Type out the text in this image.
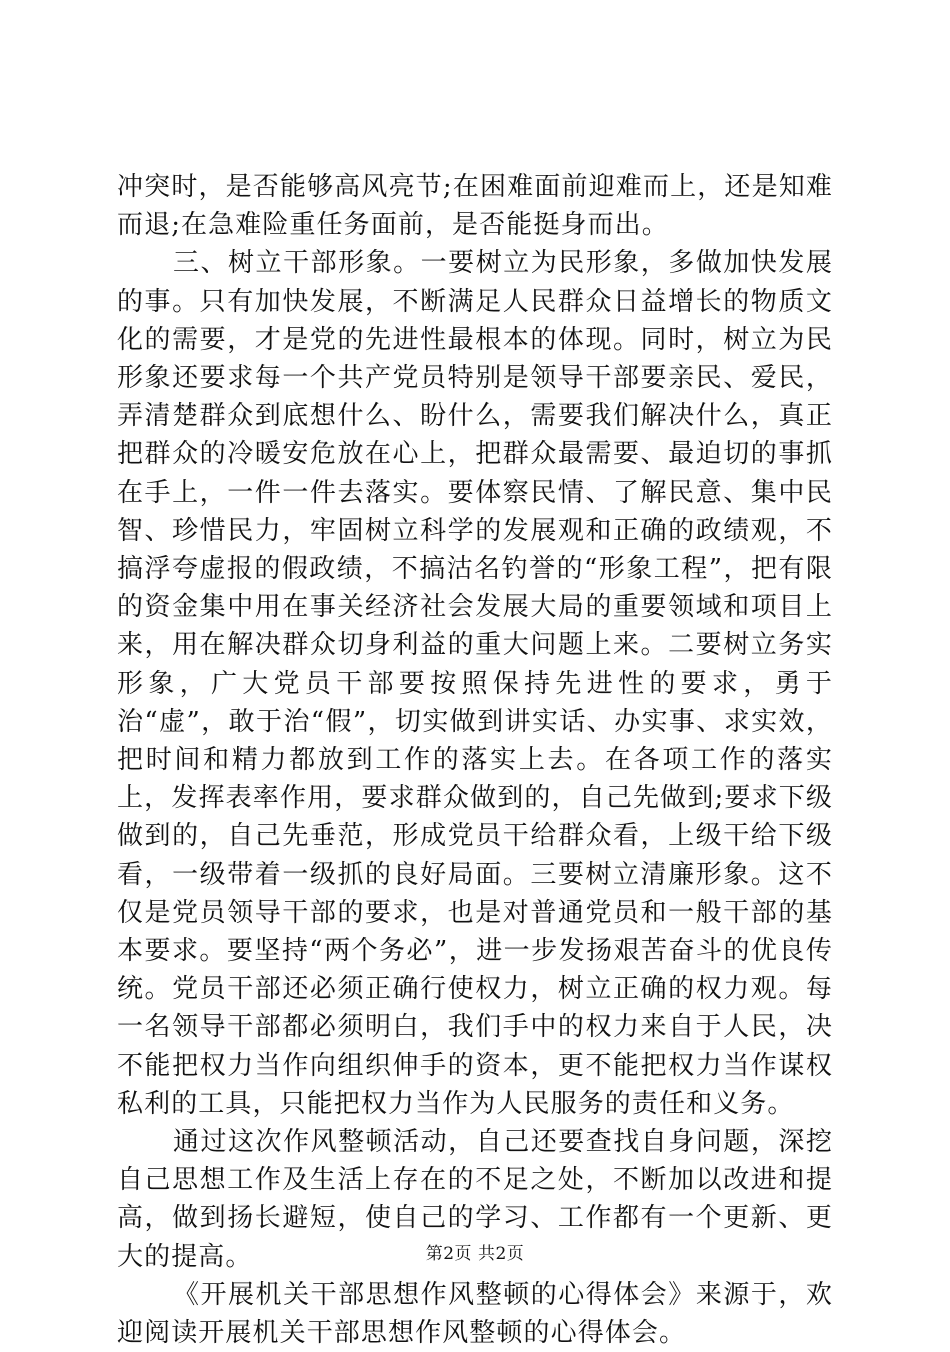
冲突时，是否能够高风亮节;在困难面前迎难而上，还是知难而退;在急难险重任务面前，是否能挺身而出。

三、树立干部形象。一要树立为民形象，多做加快发展的事。只有加快发展，不断满足人民群众日益增长的物质文化的需要，才是党的先进性最根本的体现。同时，树立为民形象还要求每一个共产党员特别是领导干部要亲民、爱民，弄清楚群众到底想什么、盼什么，需要我们解决什么，真正把群众的冷暖安危放在心上，把群众最需要、最迫切的事抓在手上，一件一件去落实。要体察民情、了解民意、集中民智、珍惜民力，牢固树立科学的发展观和正确的政绩观，不搞浮夸虚报的假政绩，不搞沽名钓誉的“形象工程”，把有限的资金集中用在事关经济社会发展大局的重要领域和项目上来，用在解决群众切身利益的重大问题上来。二要树立务实形象，广大党员干部要按照保持先进性的要求，勇于治“虚”，敢于治“假”，切实做到讲实话、办实事、求实效，把时间和精力都放到工作的落实上去。在各项工作的落实上，发挥表率作用，要求群众做到的，自己先做到;要求下级做到的，自己先垂范，形成党员干给群众看，上级干给下级看，一级带着一级抓的良好局面。三要树立清廉形象。这不仅是党员领导干部的要求，也是对普通党员和一般干部的基本要求。要坚持“两个务必”，进一步发扬艰苦奋斗的优良传统。党员干部还必须正确行使权力，树立正确的权力观。每一名领导干部都必须明白，我们手中的权力来自于人民，决不能把权力当作向组织伸手的资本，更不能把权力当作谋权私利的工具，只能把权力当作为人民服务的责任和义务。

通过这次作风整顿活动，自己还要查找自身问题，深挖自己思想工作及生活上存在的不足之处，不断加以改进和提高，做到扬长避短，使自己的学习、工作都有一个更新、更大的提高。

《开展机关干部思想作风整顿的心得体会》来源于，欢迎阅读开展机关干部思想作风整顿的心得体会。

第2页 共2页
